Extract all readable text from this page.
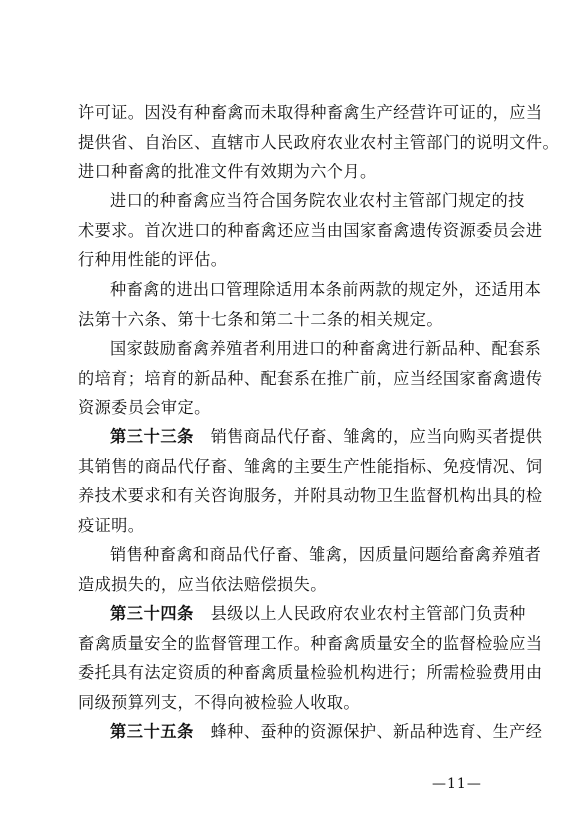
许可证。因没有种畜禽而未取得种畜禽生产经营许可证的，应当
提供省、自治区、直辖市人民政府农业农村主管部门的说明文件。
进口种畜禽的批准文件有效期为六个月。
进口的种畜禽应当符合国务院农业农村主管部门规定的技
术要求。首次进口的种畜禽还应当由国家畜禽遗传资源委员会进
行种用性能的评估。
种畜禽的进出口管理除适用本条前两款的规定外，还适用本
法第十六条、第十七条和第二十二条的相关规定。
国家鼓励畜禽养殖者利用进口的种畜禽进行新品种、配套系
的培育；培育的新品种、配套系在推广前，应当经国家畜禽遗传
资源委员会审定。
第三十三条 销售商品代仔畜、雏禽的，应当向购买者提供
其销售的商品代仔畜、雏禽的主要生产性能指标、免疫情况、饲
养技术要求和有关咨询服务，并附具动物卫生监督机构出具的检
疫证明。
销售种畜禽和商品代仔畜、雏禽，因质量问题给畜禽养殖者
造成损失的，应当依法赔偿损失。
第三十四条 县级以上人民政府农业农村主管部门负责种
畜禽质量安全的监督管理工作。种畜禽质量安全的监督检验应当
委托具有法定资质的种畜禽质量检验机构进行；所需检验费用由
同级预算列支，不得向被检验人收取。
第三十五条 蜂种、蚕种的资源保护、新品种选育、生产经
—11—
